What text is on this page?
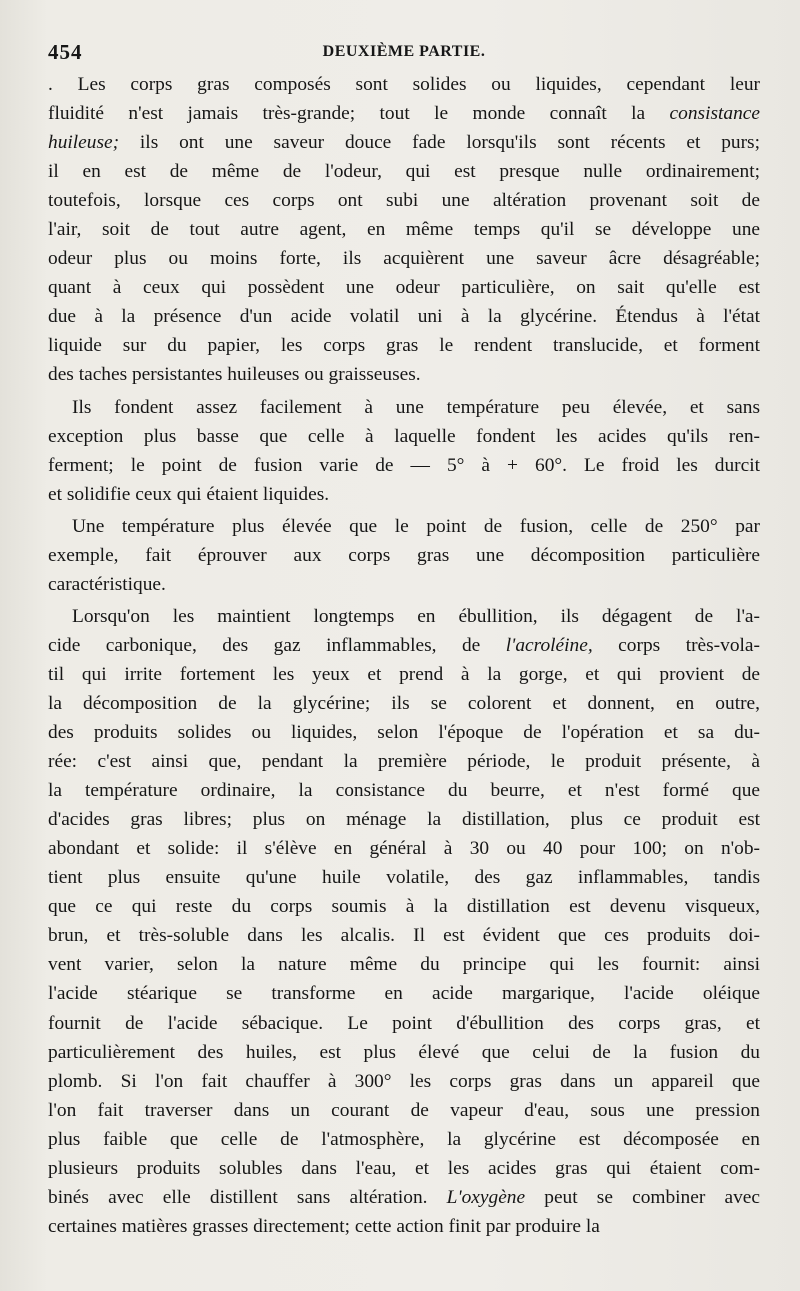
454	DEUXIÈME PARTIE.

. Les corps gras composés sont solides ou liquides, cependant leur
fluidité n'est jamais très-grande; tout le monde connaît la consistance
huileuse; ils ont une saveur douce fade lorsqu'ils sont récents et purs;
il en est de même de l'odeur, qui est presque nulle ordinairement;
toutefois, lorsque ces corps ont subi une altération provenant soit de
l'air, soit de tout autre agent, en même temps qu'il se développe une
odeur plus ou moins forte, ils acquièrent une saveur âcre désagréable;
quant à ceux qui possèdent une odeur particulière, on sait qu'elle est
due à la présence d'un acide volatil uni à la glycérine. Étendus à l'état
liquide sur du papier, les corps gras le rendent translucide, et forment
des taches persistantes huileuses ou graisseuses.

Ils fondent assez facilement à une température peu élevée, et sans
exception plus basse que celle à laquelle fondent les acides qu'ils ren-
ferment; le point de fusion varie de — 5° à + 60°. Le froid les durcit
et solidifie ceux qui étaient liquides.

Une température plus élevée que le point de fusion, celle de 250° par
exemple, fait éprouver aux corps gras une décomposition particulière
caractéristique.

Lorsqu'on les maintient longtemps en ébullition, ils dégagent de l'a-
cide carbonique, des gaz inflammables, de l'acroléine, corps très-vola-
til qui irrite fortement les yeux et prend à la gorge, et qui provient de
la décomposition de la glycérine; ils se colorent et donnent, en outre,
des produits solides ou liquides, selon l'époque de l'opération et sa du-
rée: c'est ainsi que, pendant la première période, le produit présente, à
la température ordinaire, la consistance du beurre, et n'est formé que
d'acides gras libres; plus on ménage la distillation, plus ce produit est
abondant et solide: il s'élève en général à 30 ou 40 pour 100; on n'ob-
tient plus ensuite qu'une huile volatile, des gaz inflammables, tandis
que ce qui reste du corps soumis à la distillation est devenu visqueux,
brun, et très-soluble dans les alcalis. Il est évident que ces produits doi-
vent varier, selon la nature même du principe qui les fournit: ainsi
l'acide stéarique se transforme en acide margarique, l'acide oléique
fournit de l'acide sébacique. Le point d'ébullition des corps gras, et
particulièrement des huiles, est plus élevé que celui de la fusion du
plomb. Si l'on fait chauffer à 300° les corps gras dans un appareil que
l'on fait traverser dans un courant de vapeur d'eau, sous une pression
plus faible que celle de l'atmosphère, la glycérine est décomposée en
plusieurs produits solubles dans l'eau, et les acides gras qui étaient com-
binés avec elle distillent sans altération. L'oxygène peut se combiner avec
certaines matières grasses directement; cette action finit par produire la
